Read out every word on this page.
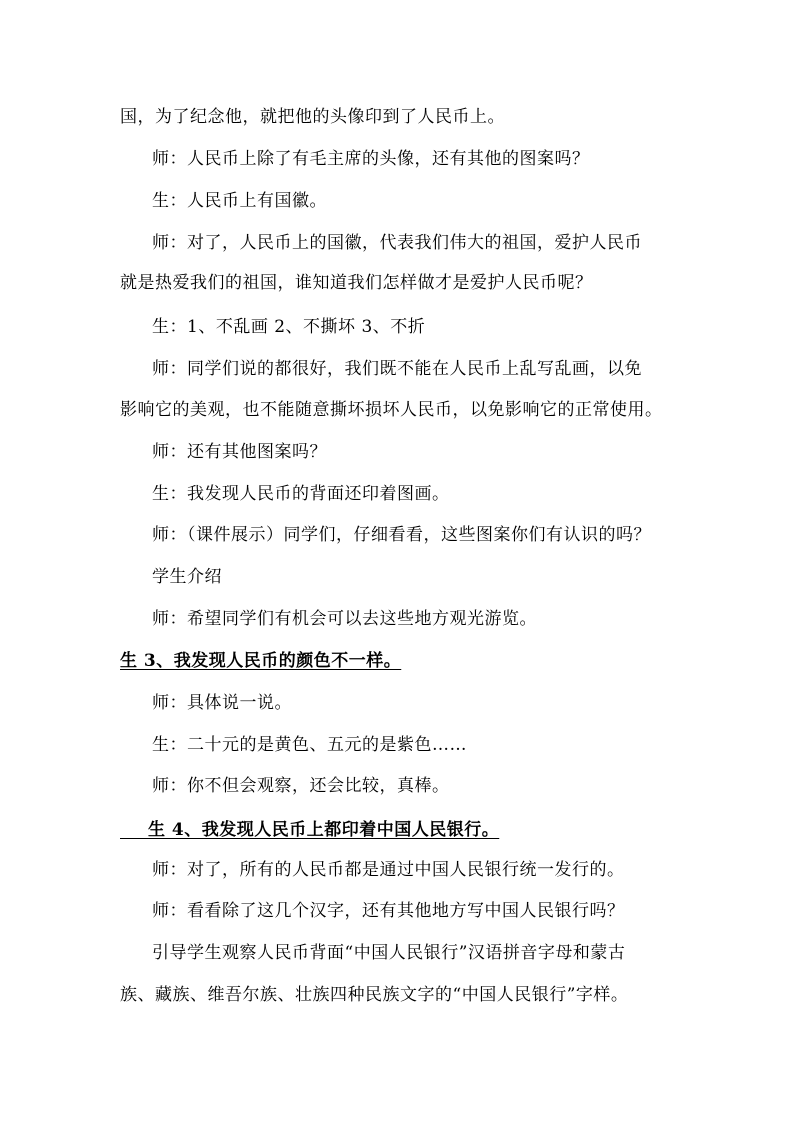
国，为了纪念他，就把他的头像印到了人民币上。
师：人民币上除了有毛主席的头像，还有其他的图案吗？
生：人民币上有国徽。
师：对了，人民币上的国徽，代表我们伟大的祖国，爱护人民币
就是热爱我们的祖国，谁知道我们怎样做才是爱护人民币呢？
生：1、不乱画 2、不撕坏 3、不折
师：同学们说的都很好，我们既不能在人民币上乱写乱画，以免
影响它的美观，也不能随意撕坏损坏人民币，以免影响它的正常使用。
师：还有其他图案吗？
生：我发现人民币的背面还印着图画。
师：（课件展示）同学们，仔细看看，这些图案你们有认识的吗？
学生介绍
师：希望同学们有机会可以去这些地方观光游览。
生 3、我发现人民币的颜色不一样。
师：具体说一说。
生：二十元的是黄色、五元的是紫色……
师：你不但会观察，还会比较，真棒。
生 4、我发现人民币上都印着中国人民银行。
师：对了，所有的人民币都是通过中国人民银行统一发行的。
师：看看除了这几个汉字，还有其他地方写中国人民银行吗？
引导学生观察人民币背面“中国人民银行”汉语拼音字母和蒙古
族、藏族、维吾尔族、壮族四种民族文字的“中国人民银行”字样。
